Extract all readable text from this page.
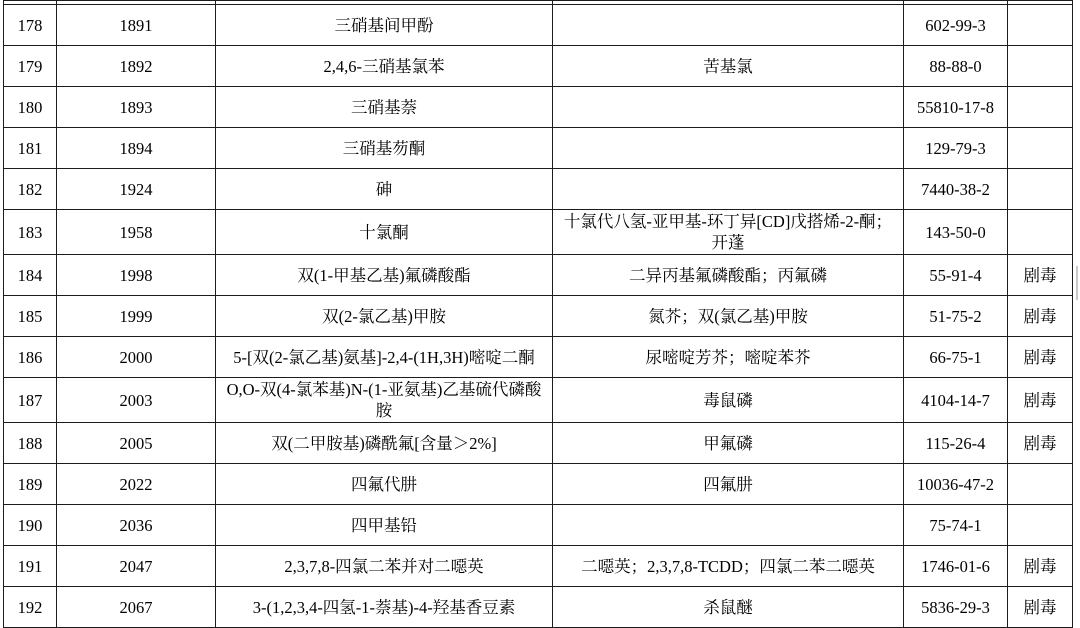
178	1891	三硝基间甲酚		602-99-3	
179	1892	2,4,6-三硝基氯苯	苦基氯	88-88-0	
180	1893	三硝基萘		55810-17-8	
181	1894	三硝基芴酮		129-79-3	
182	1924	砷		7440-38-2	
183	1958	十氯酮	十氯代八氢-亚甲基-环丁异[CD]戊搭烯-2-酮；开蓬	143-50-0	
184	1998	双(1-甲基乙基)氟磷酸酯	二异丙基氟磷酸酯；丙氟磷	55-91-4	剧毒
185	1999	双(2-氯乙基)甲胺	氮芥；双(氯乙基)甲胺	51-75-2	剧毒
186	2000	5-[双(2-氯乙基)氨基]-2,4-(1H,3H)嘧啶二酮	尿嘧啶芳芥；嘧啶苯芥	66-75-1	剧毒
187	2003	O,O-双(4-氯苯基)N-(1-亚氨基)乙基硫代磷酸胺	毒鼠磷	4104-14-7	剧毒
188	2005	双(二甲胺基)磷酰氟[含量＞2%]	甲氟磷	115-26-4	剧毒
189	2022	四氟代肼	四氟肼	10036-47-2	
190	2036	四甲基铅		75-74-1	
191	2047	2,3,7,8-四氯二苯并对二噁英	二噁英；2,3,7,8-TCDD；四氯二苯二噁英	1746-01-6	剧毒
192	2067	3-(1,2,3,4-四氢-1-萘基)-4-羟基香豆素	杀鼠醚	5836-29-3	剧毒
